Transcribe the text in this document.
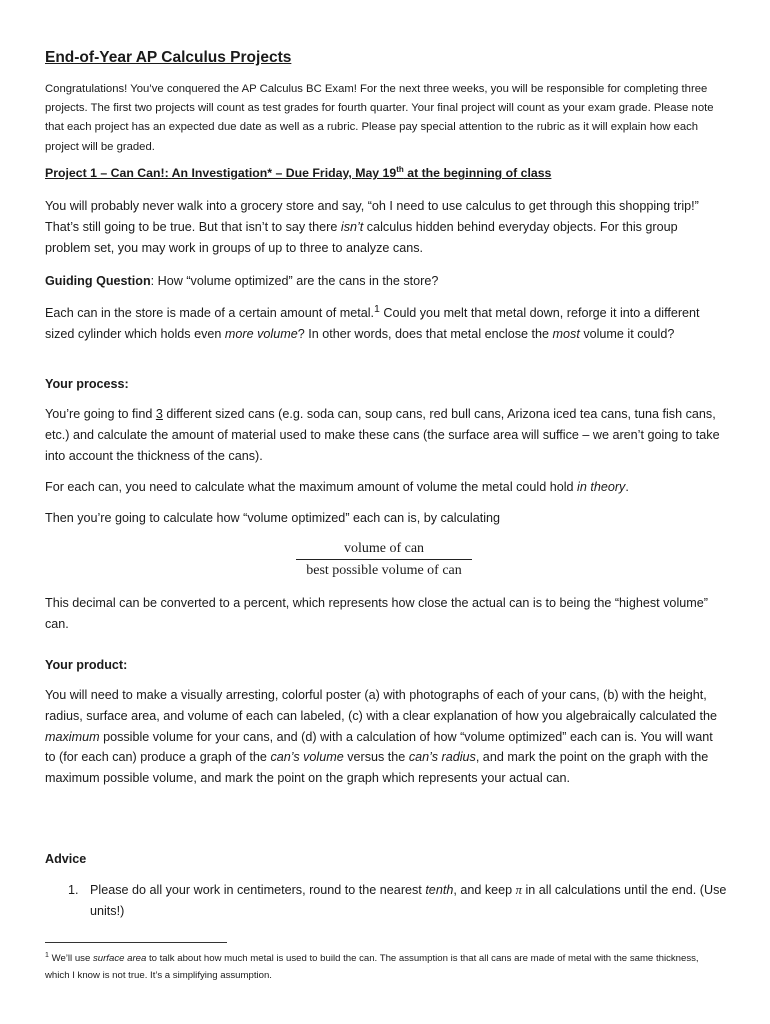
End-of-Year AP Calculus Projects

Congratulations! You’ve conquered the AP Calculus BC Exam! For the next three weeks, you will be responsible for completing three projects. The first two projects will count as test grades for fourth quarter. Your final project will count as your exam grade. Please note that each project has an expected due date as well as a rubric. Please pay special attention to the rubric as it will explain how each project will be graded.

Project 1 – Can Can!: An Investigation* – Due Friday, May 19th at the beginning of class

You will probably never walk into a grocery store and say, “oh I need to use calculus to get through this shopping trip!” That’s still going to be true. But that isn’t to say there isn’t calculus hidden behind everyday objects. For this group problem set, you may work in groups of up to three to analyze cans.

Guiding Question: How “volume optimized” are the cans in the store?

Each can in the store is made of a certain amount of metal.$^1$ Could you melt that metal down, reforge it into a different sized cylinder which holds even more volume? In other words, does that metal enclose the most volume it could?

Your process:

You’re going to find 3 different sized cans (e.g. soda can, soup cans, red bull cans, Arizona iced tea cans, tuna fish cans, etc.) and calculate the amount of material used to make these cans (the surface area will suffice – we aren’t going to take into account the thickness of the cans).

For each can, you need to calculate what the maximum amount of volume the metal could hold in theory.

Then you’re going to calculate how “volume optimized” each can is, by calculating

volume of can
best possible volume of can

This decimal can be converted to a percent, which represents how close the actual can is to being the “highest volume” can.

Your product:

You will need to make a visually arresting, colorful poster (a) with photographs of each of your cans, (b) with the height, radius, surface area, and volume of each can labeled, (c) with a clear explanation of how you algebraically calculated the maximum possible volume for your cans, and (d) with a calculation of how “volume optimized” each can is. You will want to (for each can) produce a graph of the can’s volume versus the can’s radius, and mark the point on the graph with the maximum possible volume, and mark the point on the graph which represents your actual can.

Advice

1. Please do all your work in centimeters, round to the nearest tenth, and keep π in all calculations until the end. (Use units!)

$^1$ We’ll use surface area to talk about how much metal is used to build the can. The assumption is that all cans are made of metal with the same thickness, which I know is not true. It’s a simplifying assumption.
